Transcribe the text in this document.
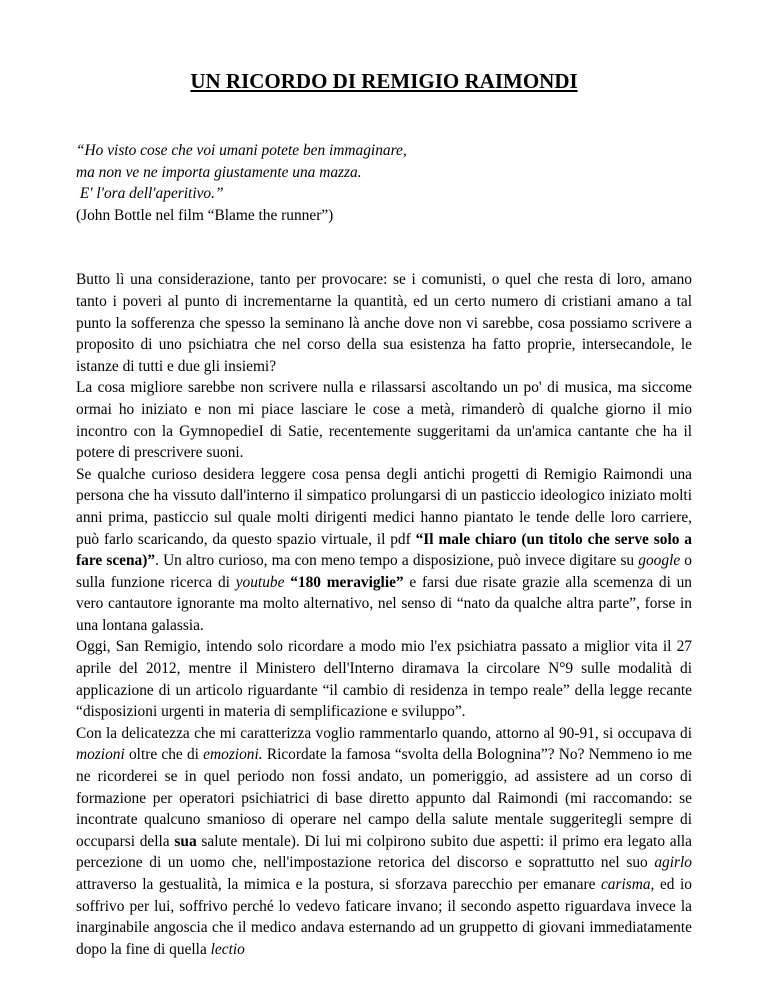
UN RICORDO DI REMIGIO RAIMONDI
“Ho visto cose che voi umani potete ben immaginare,
ma non ve ne importa giustamente una mazza.
E' l'ora dell'aperitivo.”
(John Bottle nel film “Blame the runner”)

Butto lì una considerazione, tanto per provocare: se i comunisti, o quel che resta di loro, amano tanto i poveri al punto di incrementarne la quantità, ed un certo numero di cristiani amano a tal punto la sofferenza che spesso la seminano là anche dove non vi sarebbe, cosa possiamo scrivere a proposito di uno psichiatra che nel corso della sua esistenza ha fatto proprie, intersecandole, le istanze di tutti e due gli insiemi?

La cosa migliore sarebbe non scrivere nulla e rilassarsi ascoltando un po' di musica, ma siccome ormai ho iniziato e non mi piace lasciare le cose a metà, rimanderò di qualche giorno il mio incontro con la GymnopedieI di Satie, recentemente suggeritami da un'amica cantante che ha il potere di prescrivere suoni.

Se qualche curioso desidera leggere cosa pensa degli antichi progetti di Remigio Raimondi una persona che ha vissuto dall'interno il simpatico prolungarsi di un pasticcio ideologico iniziato molti anni prima, pasticcio sul quale molti dirigenti medici hanno piantato le tende delle loro carriere, può farlo scaricando, da questo spazio virtuale, il pdf “Il male chiaro (un titolo che serve solo a fare scena)”. Un altro curioso, ma con meno tempo a disposizione, può invece digitare su google o sulla funzione ricerca di youtube “180 meraviglie” e farsi due risate grazie alla scemenza di un vero cantautore ignorante ma molto alternativo, nel senso di “nato da qualche altra parte”, forse in una lontana galassia.

Oggi, San Remigio, intendo solo ricordare a modo mio l'ex psichiatra passato a miglior vita il 27 aprile del 2012, mentre il Ministero dell'Interno diramava la circolare N°9 sulle modalità di applicazione di un articolo riguardante “il cambio di residenza in tempo reale” della legge recante “disposizioni urgenti in materia di semplificazione e sviluppo”.

Con la delicatezza che mi caratterizza voglio rammentarlo quando, attorno al 90-91, si occupava di mozioni oltre che di emozioni. Ricordate la famosa “svolta della Bolognina”? No? Nemmeno io me ne ricorderei se in quel periodo non fossi andato, un pomeriggio, ad assistere ad un corso di formazione per operatori psichiatrici di base diretto appunto dal Raimondi (mi raccomando: se incontrate qualcuno smanioso di operare nel campo della salute mentale suggeritegli sempre di occuparsi della sua salute mentale). Di lui mi colpirono subito due aspetti: il primo era legato alla percezione di un uomo che, nell'impostazione retorica del discorso e soprattutto nel suo agirlo attraverso la gestualità, la mimica e la postura, si sforzava parecchio per emanare carisma, ed io soffrivo per lui, soffrivo perché lo vedevo faticare invano; il secondo aspetto riguardava invece la inarginabile angoscia che il medico andava esternando ad un gruppetto di giovani immediatamente dopo la fine di quella lectio
